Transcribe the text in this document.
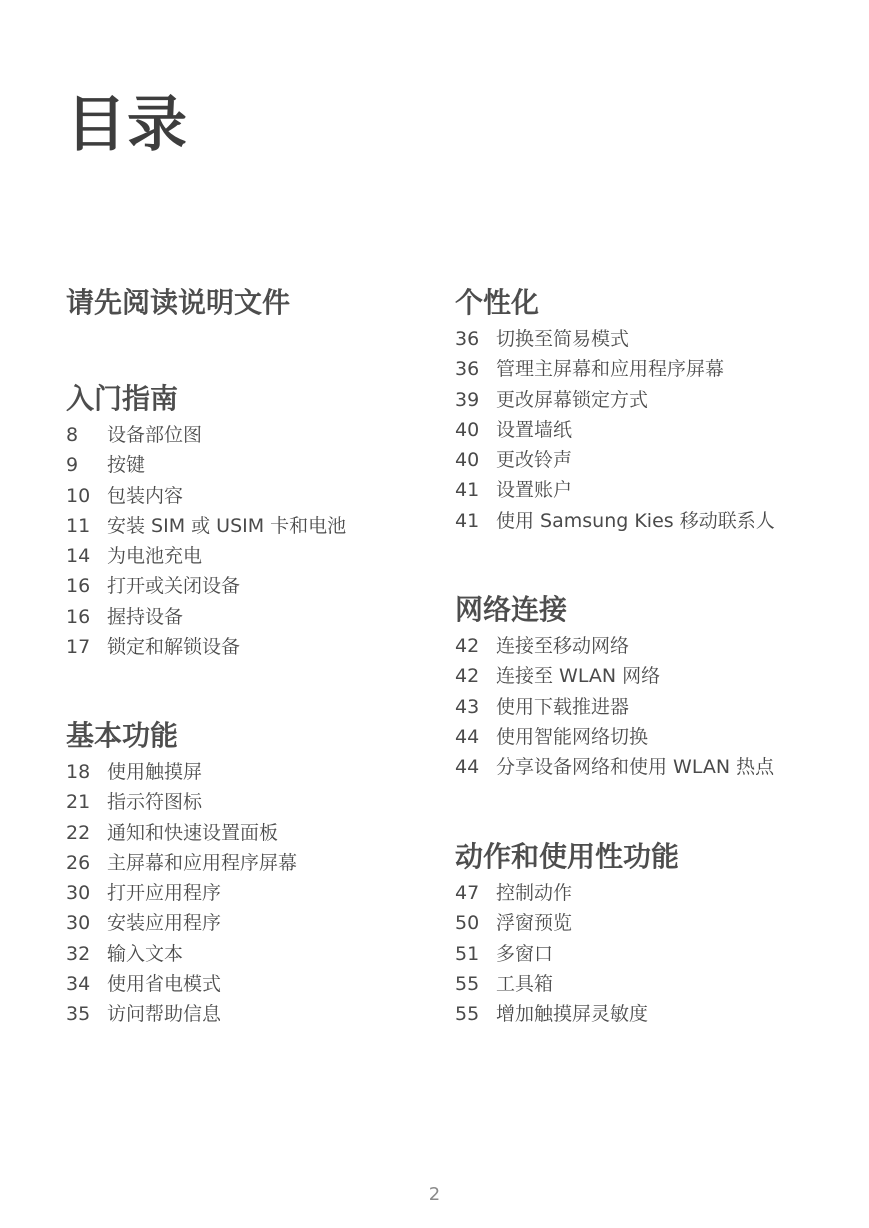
目录
请先阅读说明文件
入门指南
8	设备部位图
9	按键
10 包装内容
11 安装 SIM 或 USIM 卡和电池
14 为电池充电
16 打开或关闭设备
16 握持设备
17 锁定和解锁设备
基本功能
18 使用触摸屏
21 指示符图标
22 通知和快速设置面板
26 主屏幕和应用程序屏幕
30 打开应用程序
30 安装应用程序
32 输入文本
34 使用省电模式
35 访问帮助信息
个性化
36 切换至简易模式
36 管理主屏幕和应用程序屏幕
39 更改屏幕锁定方式
40 设置墙纸
40 更改铃声
41 设置账户
41 使用 Samsung Kies 移动联系人
网络连接
42 连接至移动网络
42 连接至 WLAN 网络
43 使用下载推进器
44 使用智能网络切换
44 分享设备网络和使用 WLAN 热点
动作和使用性功能
47 控制动作
50 浮窗预览
51 多窗口
55 工具箱
55 增加触摸屏灵敏度
2
